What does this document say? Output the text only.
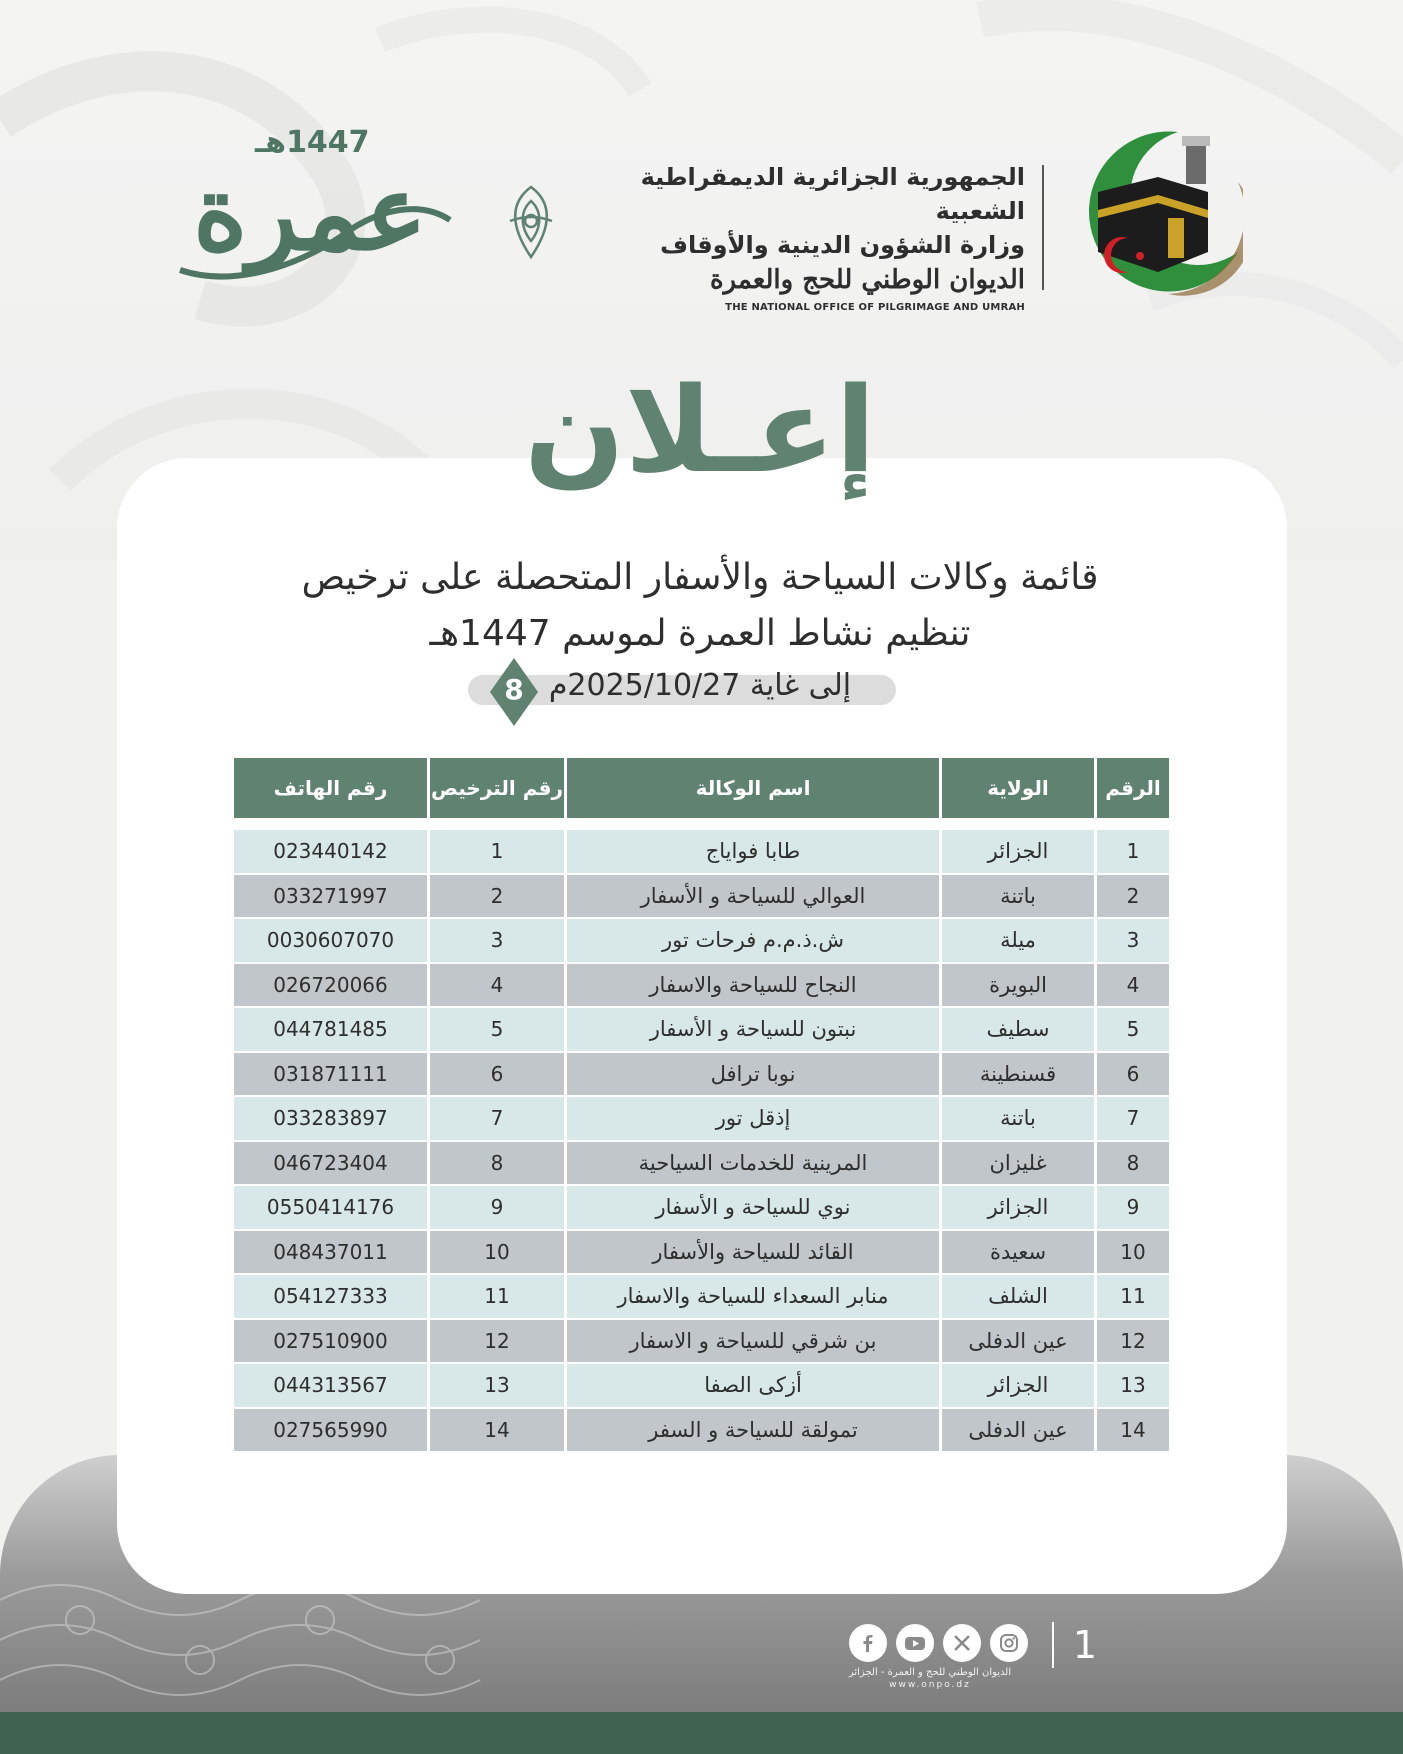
الجمهورية الجزائرية الديمقراطية الشعبية
وزارة الشؤون الدينية والأوقاف
الديوان الوطني للحج والعمرة
THE NATIONAL OFFICE OF PILGRIMAGE AND UMRAH
1447هـ
عمرة
إعـلان
قائمة وكالات السياحة والأسفار المتحصلة على ترخيص
تنظيم نشاط العمرة لموسم 1447هـ
إلى غاية 2025/10/27م
8
الرقم
الولاية
اسم الوكالة
رقم الترخيص
رقم الهاتف
1
الجزائر
طابا فواياج
1
023440142
2
باتنة
العوالي للسياحة و الأسفار
2
033271997
3
ميلة
ش.ذ.م.م فرحات تور
3
0030607070
4
البويرة
النجاح للسياحة والاسفار
4
026720066
5
سطيف
نبتون للسياحة و الأسفار
5
044781485
6
قسنطينة
نوبا ترافل
6
031871111
7
باتنة
إذقل تور
7
033283897
8
غليزان
المرينية للخدمات السياحية
8
046723404
9
الجزائر
نوي للسياحة و الأسفار
9
0550414176
10
سعيدة
القائد للسياحة والأسفار
10
048437011
11
الشلف
منابر السعداء للسياحة والاسفار
11
054127333
12
عين الدفلى
بن شرقي للسياحة و الاسفار
12
027510900
13
الجزائر
أزكى الصفا
13
044313567
14
عين الدفلى
تمولقة للسياحة و السفر
14
027565990
1
الديوان الوطني للحج و العمرة - الجزائر
www.onpo.dz
